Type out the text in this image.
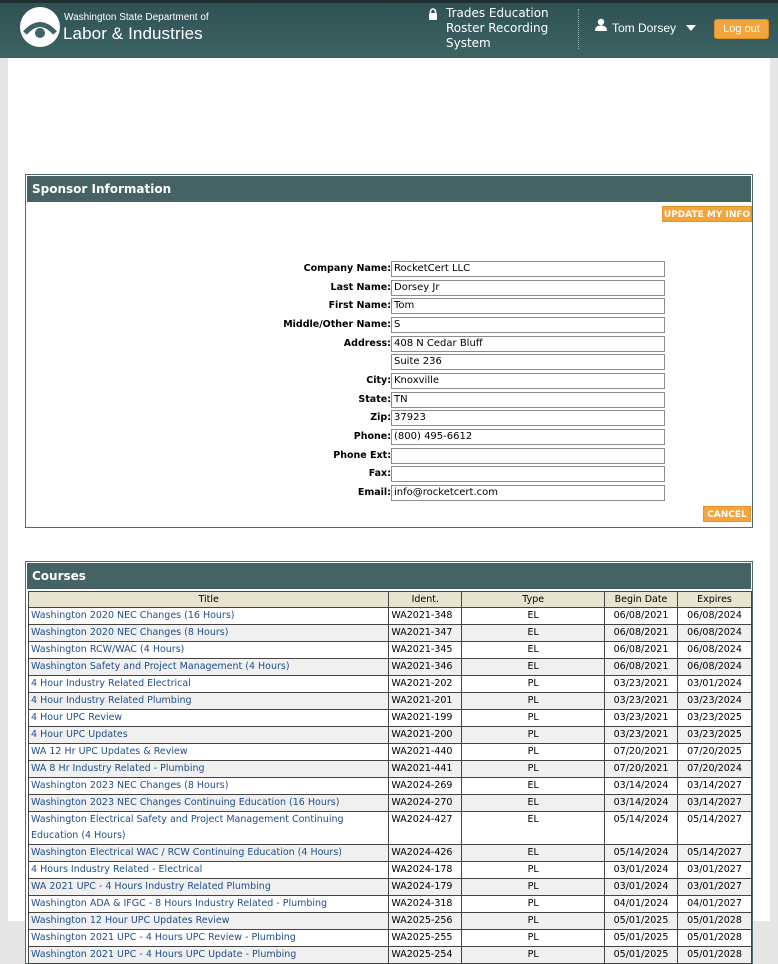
Washington State Department of
Labor & Industries
Trades Education Roster Recording System
Tom Dorsey	Log out
Sponsor Information
UPDATE MY INFO
Company Name: RocketCert LLC
Last Name: Dorsey Jr
First Name: Tom
Middle/Other Name: S
Address: 408 N Cedar Bluff
Suite 236
City: Knoxville
State: TN
Zip: 37923
Phone: (800) 495-6612
Phone Ext:
Fax:
Email: info@rocketcert.com
CANCEL
Courses
Title	Ident.	Type	Begin Date	Expires
Washington 2020 NEC Changes (16 Hours)	WA2021-348	EL	06/08/2021	06/08/2024
Washington 2020 NEC Changes (8 Hours)	WA2021-347	EL	06/08/2021	06/08/2024
Washington RCW/WAC (4 Hours)	WA2021-345	EL	06/08/2021	06/08/2024
Washington Safety and Project Management (4 Hours)	WA2021-346	EL	06/08/2021	06/08/2024
4 Hour Industry Related Electrical	WA2021-202	PL	03/23/2021	03/01/2024
4 Hour Industry Related Plumbing	WA2021-201	PL	03/23/2021	03/23/2024
4 Hour UPC Review	WA2021-199	PL	03/23/2021	03/23/2025
4 Hour UPC Updates	WA2021-200	PL	03/23/2021	03/23/2025
WA 12 Hr UPC Updates & Review	WA2021-440	PL	07/20/2021	07/20/2025
WA 8 Hr Industry Related - Plumbing	WA2021-441	PL	07/20/2021	07/20/2024
Washington 2023 NEC Changes (8 Hours)	WA2024-269	EL	03/14/2024	03/14/2027
Washington 2023 NEC Changes Continuing Education (16 Hours)	WA2024-270	EL	03/14/2024	03/14/2027
Washington Electrical Safety and Project Management Continuing Education (4 Hours)	WA2024-427	EL	05/14/2024	05/14/2027
Washington Electrical WAC / RCW Continuing Education (4 Hours)	WA2024-426	EL	05/14/2024	05/14/2027
4 Hours Industry Related - Electrical	WA2024-178	PL	03/01/2024	03/01/2027
WA 2021 UPC - 4 Hours Industry Related Plumbing	WA2024-179	PL	03/01/2024	03/01/2027
Washington ADA & IFGC - 8 Hours Industry Related - Plumbing	WA2024-318	PL	04/01/2024	04/01/2027
Washington 12 Hour UPC Updates Review	WA2025-256	PL	05/01/2025	05/01/2028
Washington 2021 UPC - 4 Hours UPC Review - Plumbing	WA2025-255	PL	05/01/2025	05/01/2028
Washington 2021 UPC - 4 Hours UPC Update - Plumbing	WA2025-254	PL	05/01/2025	05/01/2028
